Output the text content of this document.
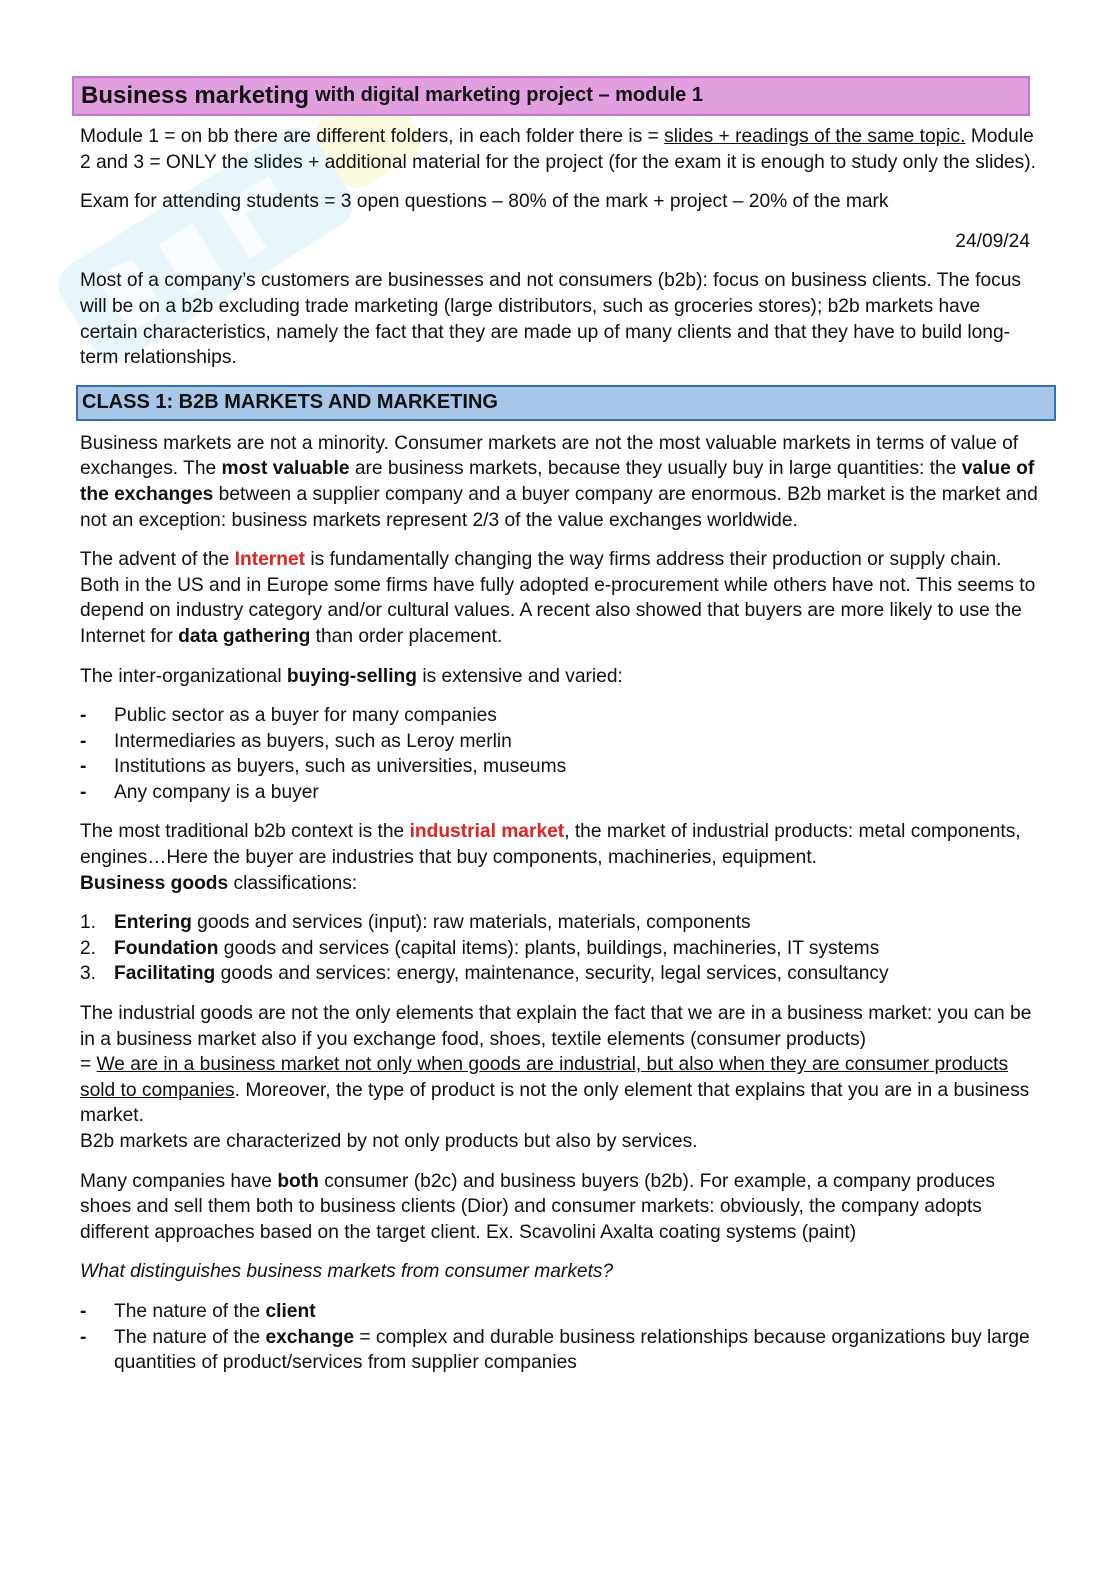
Business marketing with digital marketing project – module 1

Module 1 = on bb there are different folders, in each folder there is = slides + readings of the same topic. Module 2 and 3 = ONLY the slides + additional material for the project (for the exam it is enough to study only the slides).

Exam for attending students = 3 open questions – 80% of the mark + project – 20% of the mark

24/09/24

Most of a company’s customers are businesses and not consumers (b2b): focus on business clients. The focus will be on a b2b excluding trade marketing (large distributors, such as groceries stores); b2b markets have certain characteristics, namely the fact that they are made up of many clients and that they have to build long-term relationships.

CLASS 1: B2B MARKETS AND MARKETING

Business markets are not a minority. Consumer markets are not the most valuable markets in terms of value of exchanges. The most valuable are business markets, because they usually buy in large quantities: the value of the exchanges between a supplier company and a buyer company are enormous. B2b market is the market and not an exception: business markets represent 2/3 of the value exchanges worldwide.

The advent of the Internet is fundamentally changing the way firms address their production or supply chain. Both in the US and in Europe some firms have fully adopted e-procurement while others have not. This seems to depend on industry category and/or cultural values. A recent also showed that buyers are more likely to use the Internet for data gathering than order placement.

The inter-organizational buying-selling is extensive and varied:

- Public sector as a buyer for many companies
- Intermediaries as buyers, such as Leroy merlin
- Institutions as buyers, such as universities, museums
- Any company is a buyer

The most traditional b2b context is the industrial market, the market of industrial products: metal components, engines…Here the buyer are industries that buy components, machineries, equipment.
Business goods classifications:

1. Entering goods and services (input): raw materials, materials, components
2. Foundation goods and services (capital items): plants, buildings, machineries, IT systems
3. Facilitating goods and services: energy, maintenance, security, legal services, consultancy

The industrial goods are not the only elements that explain the fact that we are in a business market: you can be in a business market also if you exchange food, shoes, textile elements (consumer products)
= We are in a business market not only when goods are industrial, but also when they are consumer products sold to companies. Moreover, the type of product is not the only element that explains that you are in a business market.
B2b markets are characterized by not only products but also by services.

Many companies have both consumer (b2c) and business buyers (b2b). For example, a company produces shoes and sell them both to business clients (Dior) and consumer markets: obviously, the company adopts different approaches based on the target client. Ex. Scavolini Axalta coating systems (paint)

What distinguishes business markets from consumer markets?

- The nature of the client
- The nature of the exchange = complex and durable business relationships because organizations buy large quantities of product/services from supplier companies
